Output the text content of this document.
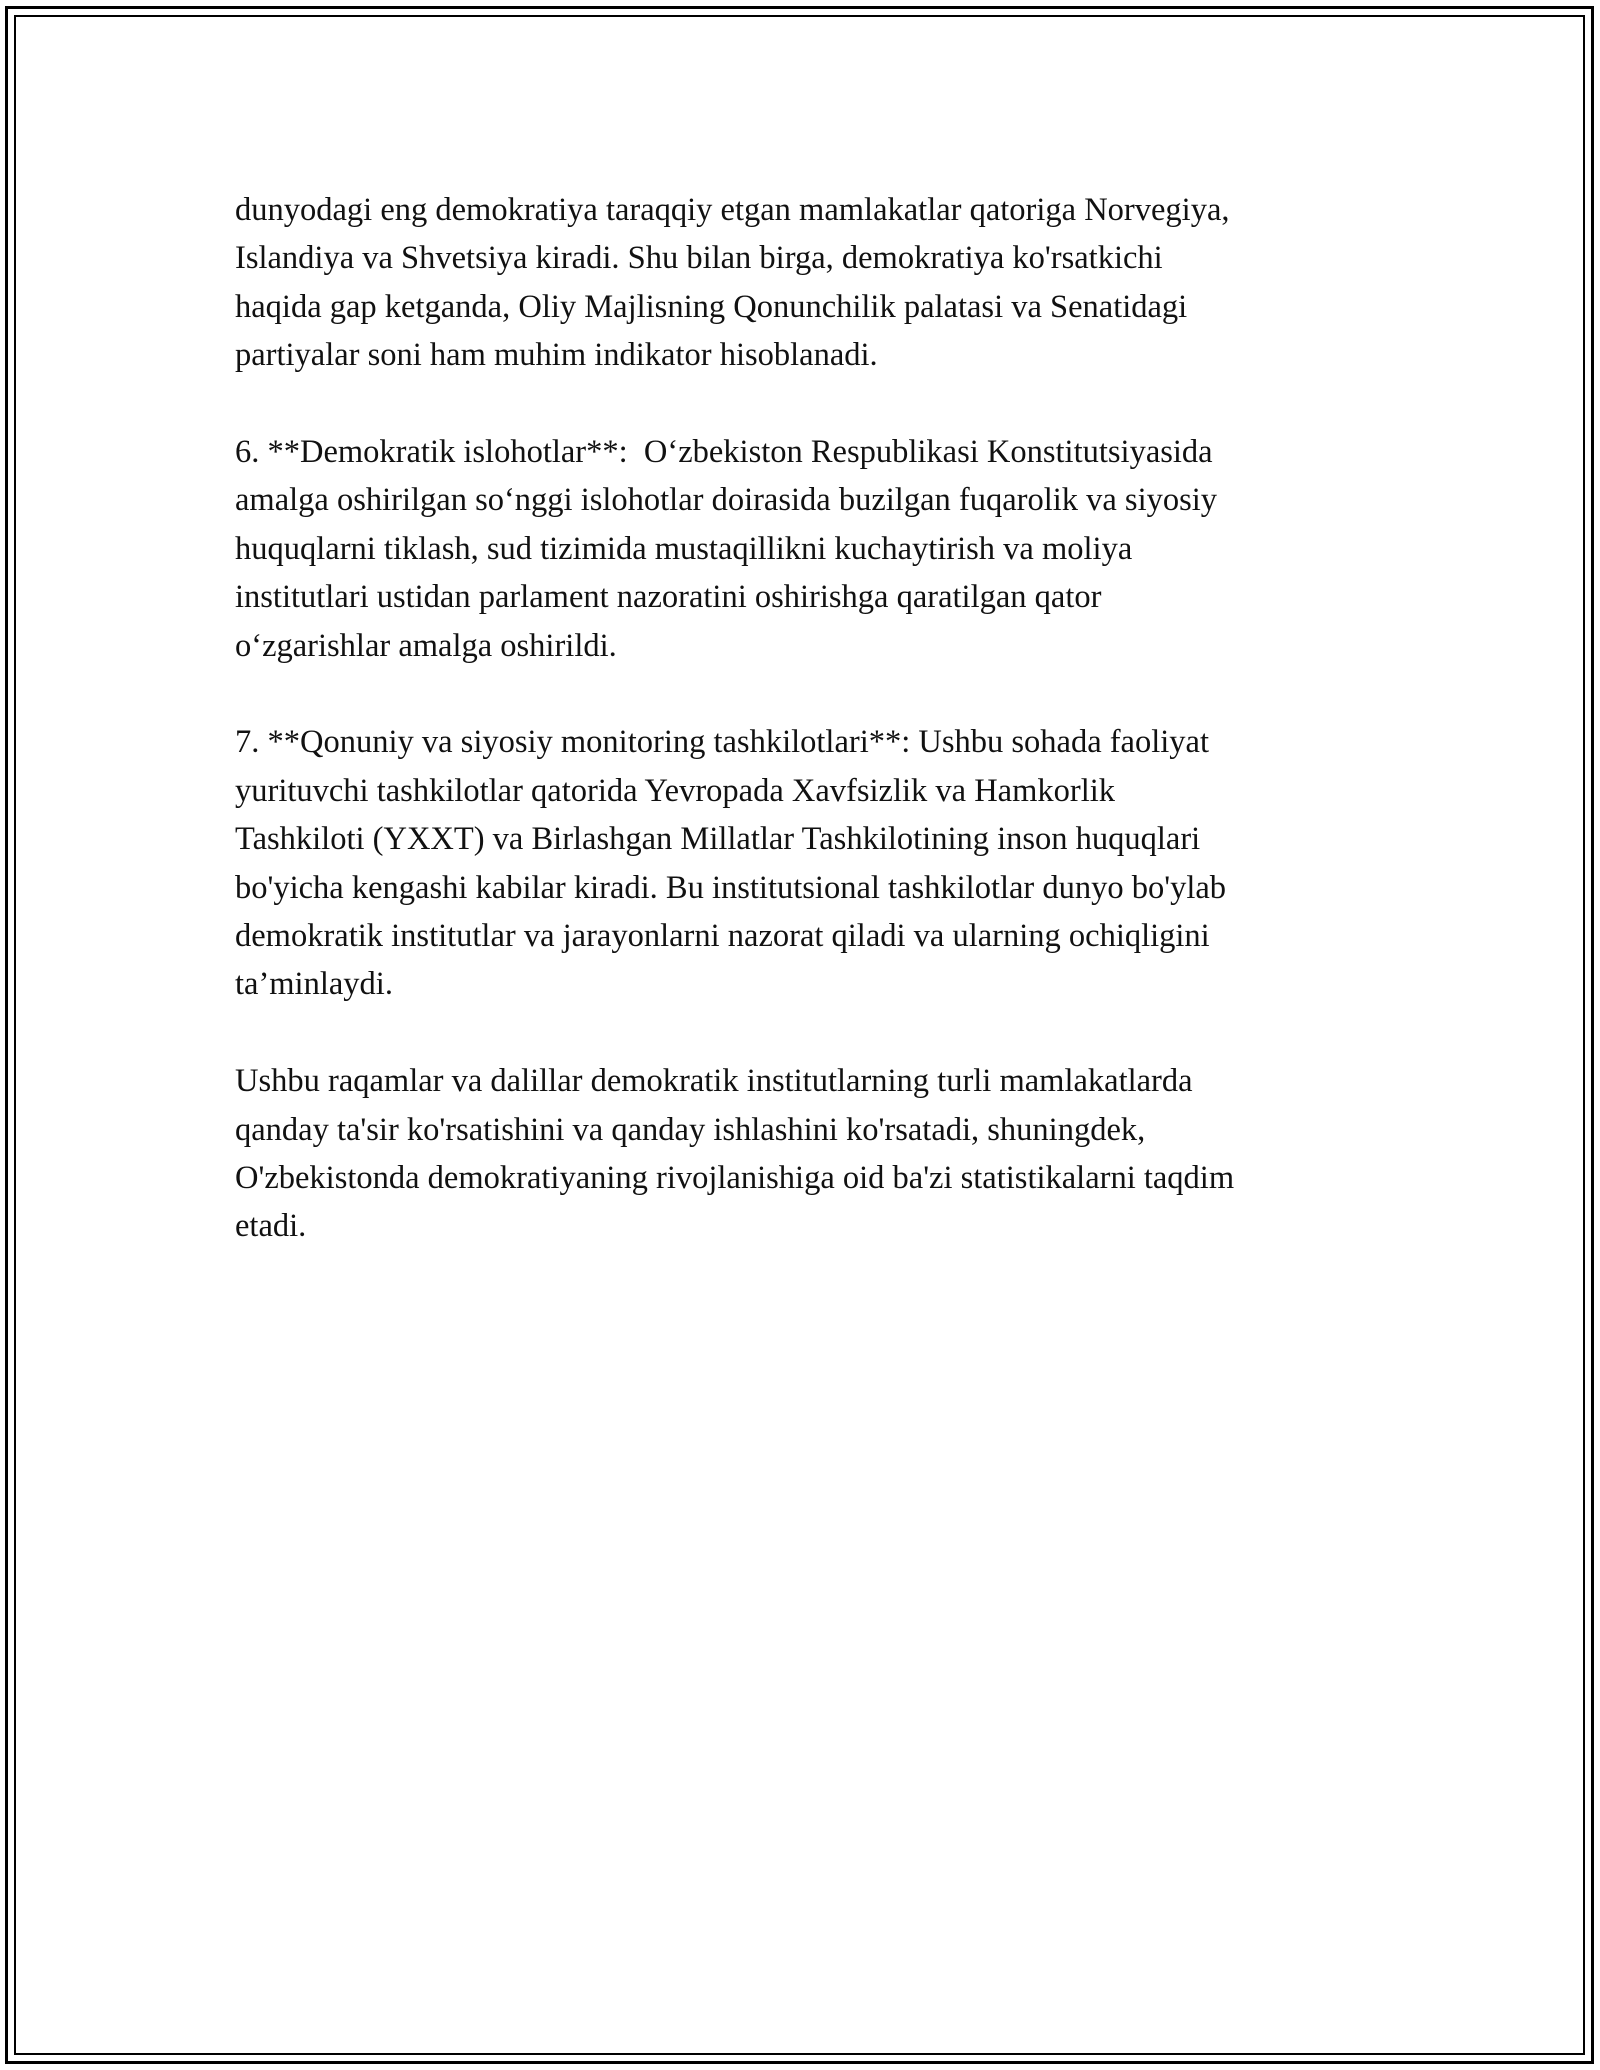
dunyodagi eng demokratiya taraqqiy etgan mamlakatlar qatoriga Norvegiya,
Islandiya va Shvetsiya kiradi. Shu bilan birga, demokratiya ko'rsatkichi
haqida gap ketganda, Oliy Majlisning Qonunchilik palatasi va Senatidagi
partiyalar soni ham muhim indikator hisoblanadi.

6. **Demokratik islohotlar**:  O‘zbekiston Respublikasi Konstitutsiyasida
amalga oshirilgan so‘nggi islohotlar doirasida buzilgan fuqarolik va siyosiy
huquqlarni tiklash, sud tizimida mustaqillikni kuchaytirish va moliya
institutlari ustidan parlament nazoratini oshirishga qaratilgan qator
o‘zgarishlar amalga oshirildi.

7. **Qonuniy va siyosiy monitoring tashkilotlari**: Ushbu sohada faoliyat
yurituvchi tashkilotlar qatorida Yevropada Xavfsizlik va Hamkorlik
Tashkiloti (YXXT) va Birlashgan Millatlar Tashkilotining inson huquqlari
bo'yicha kengashi kabilar kiradi. Bu institutsional tashkilotlar dunyo bo'ylab
demokratik institutlar va jarayonlarni nazorat qiladi va ularning ochiqligini
ta’minlaydi.

Ushbu raqamlar va dalillar demokratik institutlarning turli mamlakatlarda
qanday ta'sir ko'rsatishini va qanday ishlashini ko'rsatadi, shuningdek,
O'zbekistonda demokratiyaning rivojlanishiga oid ba'zi statistikalarni taqdim
etadi.
